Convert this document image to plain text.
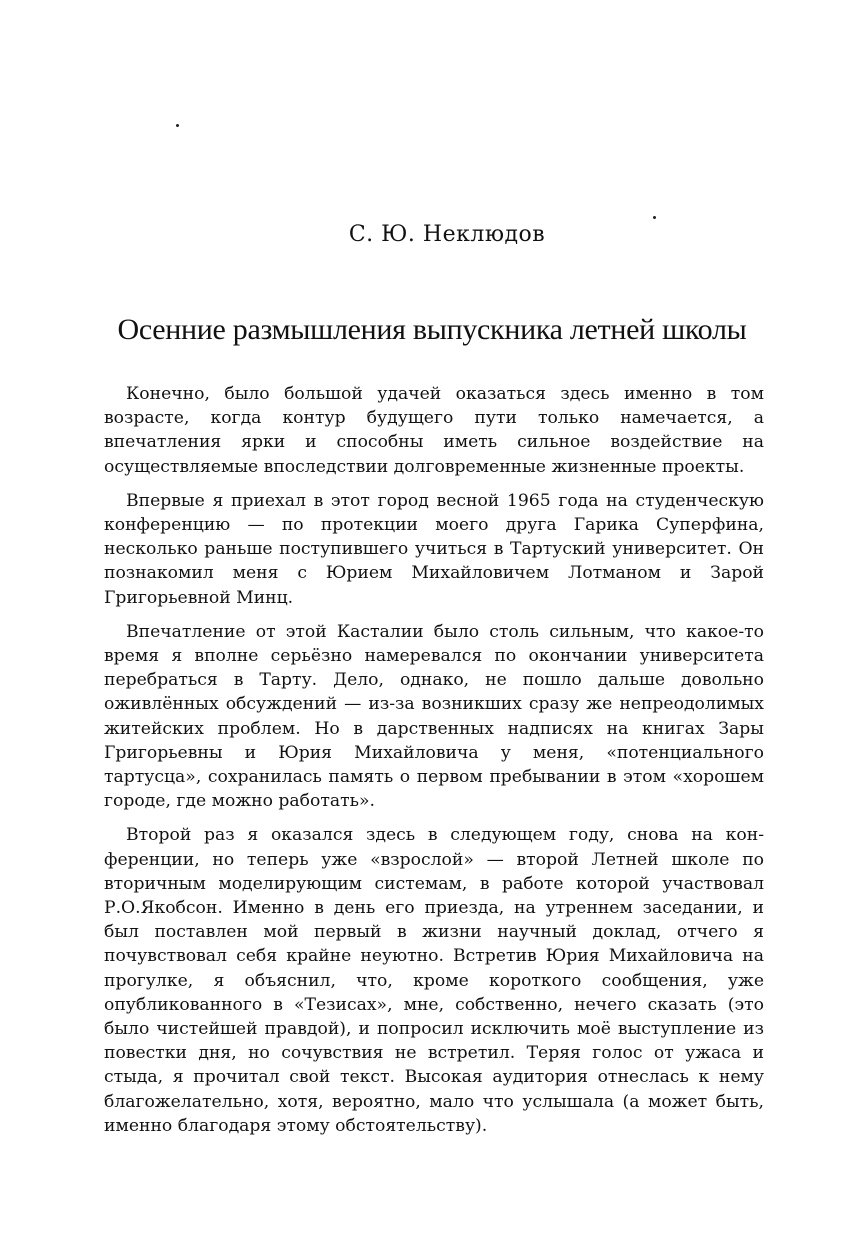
С. Ю. Неклюдов
Осенние размышления выпускника летней школы

Конечно, было большой удачей оказаться здесь именно в том возрасте, когда контур будущего пути только намечается, а впечатления ярки и способны иметь сильное воздействие на осуществляемые впоследствии долговременные жизненные проекты.

Впервые я приехал в этот город весной 1965 года на студенческую конференцию — по протекции моего друга Гарика Суперфина, несколько раньше поступившего учиться в Тартуский университет. Он познакомил меня с Юрием Михайловичем Лотманом и Зарой Григорьевной Минц.

Впечатление от этой Касталии было столь сильным, что какое-то время я вполне серьёзно намеревался по окончании университета перебраться в Тарту. Дело, однако, не пошло дальше довольно оживлённых обсуждений — из-за возникших сразу же непреодолимых житейских проблем. Но в дарственных надписях на книгах Зары Григорьевны и Юрия Михайловича у меня, «потенциального тартусца», сохранилась память о первом пребывании в этом «хорошем городе, где можно работать».

Второй раз я оказался здесь в следующем году, снова на конференции, но теперь уже «взрослой» — второй Летней школе по вторичным моделирующим системам, в работе которой участвовал Р.О.Якобсон. Именно в день его приезда, на утреннем заседании, и был поставлен мой первый в жизни научный доклад, отчего я почувствовал себя крайне неуютно. Встретив Юрия Михайловича на прогулке, я объяснил, что, кроме короткого сообщения, уже опубликованного в «Тезисах», мне, собственно, нечего сказать (это было чистейшей правдой), и попросил исключить моё выступление из повестки дня, но сочувствия не встретил. Теряя голос от ужаса и стыда, я прочитал свой текст. Высокая аудитория отнеслась к нему благожелательно, хотя, вероятно, мало что услышала (а может быть, именно благодаря этому обстоятельству).
